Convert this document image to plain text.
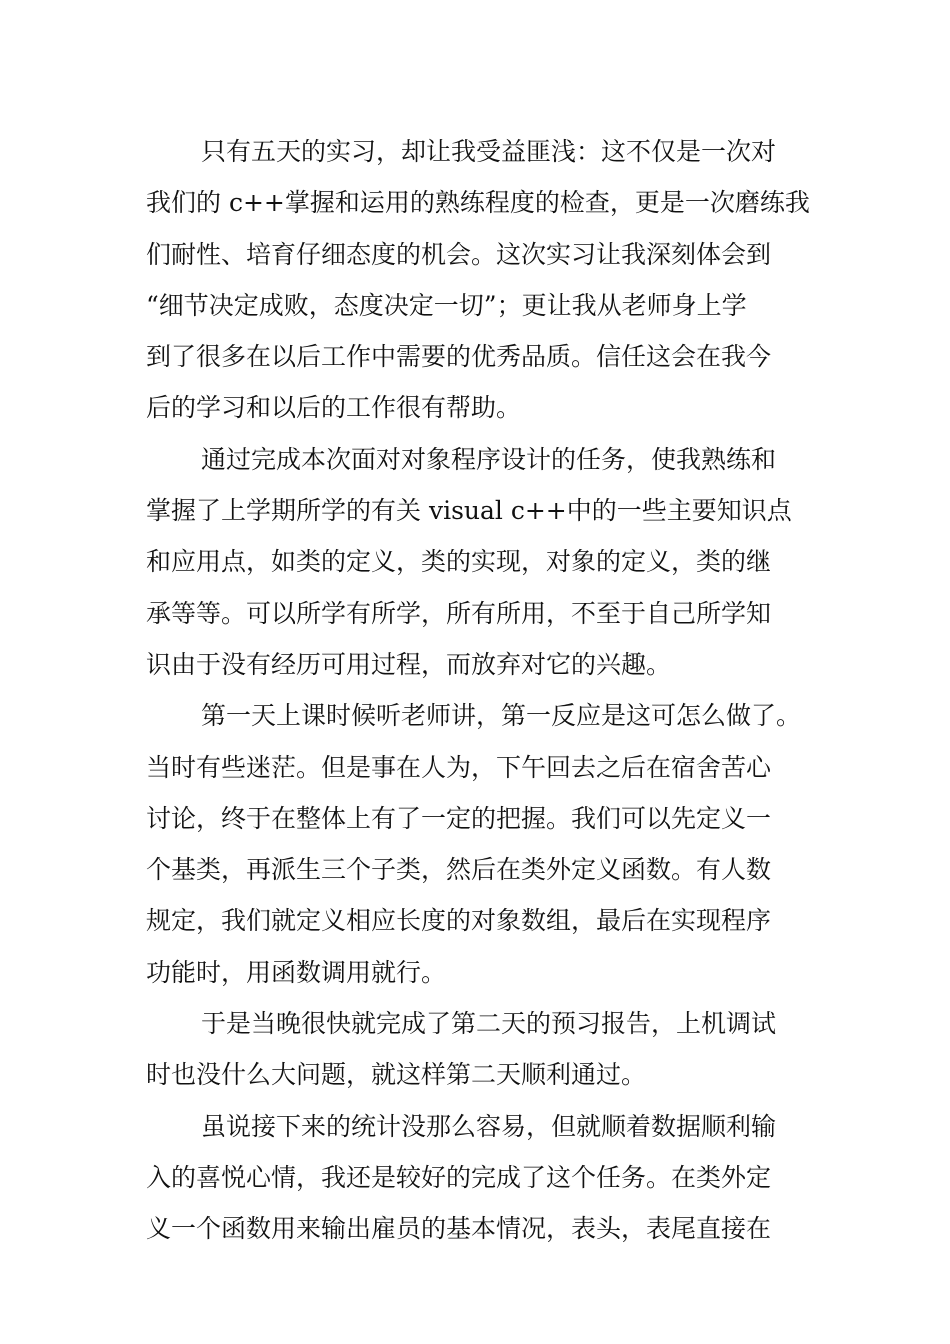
只有五天的实习，却让我受益匪浅：这不仅是一次对
我们的 c++掌握和运用的熟练程度的检查，更是一次磨练我
们耐性、培育仔细态度的机会。这次实习让我深刻体会到
“细节决定成败，态度决定一切”；更让我从老师身上学
到了很多在以后工作中需要的优秀品质。信任这会在我今
后的学习和以后的工作很有帮助。
通过完成本次面对对象程序设计的任务，使我熟练和
掌握了上学期所学的有关 visual c++中的一些主要知识点
和应用点，如类的定义，类的实现，对象的定义，类的继
承等等。可以所学有所学，所有所用，不至于自己所学知
识由于没有经历可用过程，而放弃对它的兴趣。
第一天上课时候听老师讲，第一反应是这可怎么做了。
当时有些迷茫。但是事在人为，下午回去之后在宿舍苦心
讨论，终于在整体上有了一定的把握。我们可以先定义一
个基类，再派生三个子类，然后在类外定义函数。有人数
规定，我们就定义相应长度的对象数组，最后在实现程序
功能时，用函数调用就行。
于是当晚很快就完成了第二天的预习报告，上机调试
时也没什么大问题，就这样第二天顺利通过。
虽说接下来的统计没那么容易，但就顺着数据顺利输
入的喜悦心情，我还是较好的完成了这个任务。在类外定
义一个函数用来输出雇员的基本情况，表头，表尾直接在
